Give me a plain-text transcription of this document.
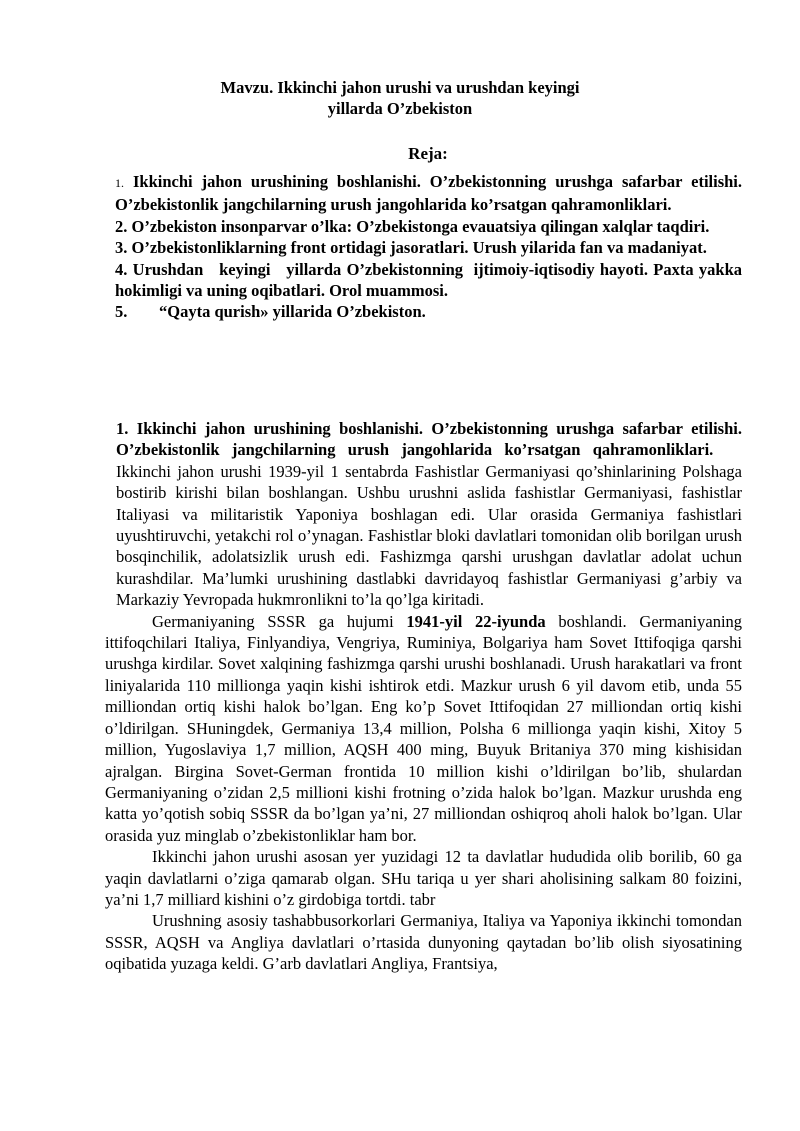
Mavzu. Ikkinchi jahon urushi va urushdan keyingi
yillarda O’zbekiston
Reja:

1. Ikkinchi jahon urushining boshlanishi. O’zbekistonning urushga safarbar etilishi. O’zbekistonlik jangchilarning urush jangohlarida ko’rsatgan qahramonliklari.

2. O’zbekiston insonparvar o’lka: O’zbekistonga evauatsiya qilingan xalqlar taqdiri.

3. O’zbekistonliklarning front ortidagi jasoratlari. Urush yilarida fan va madaniyat.

4. Urushdan   keyingi   yillarda O’zbekistonning  ijtimoiy-iqtisodiy hayoti. Paxta yakka hokimligi va uning oqibatlari. Orol muammosi.

5. “Qayta qurish» yillarida O’zbekiston.

1. Ikkinchi jahon urushining boshlanishi. O’zbekistonning urushga safarbar etilishi. O’zbekistonlik jangchilarning urush jangohlarida ko’rsatgan qahramonliklari.    Ikkinchi jahon urushi 1939-yil 1 sentabrda Fashistlar Germaniyasi qo’shinlarining Polshaga bostirib kirishi bilan boshlangan. Ushbu urushni aslida fashistlar Germaniyasi, fashistlar Italiyasi va militaristik Yaponiya boshlagan edi. Ular orasida Germaniya fashistlari uyushtiruvchi, yetakchi rol o’ynagan. Fashistlar bloki davlatlari tomonidan olib borilgan urush bosqinchilik, adolatsizlik urush edi. Fashizmga qarshi urushgan davlatlar adolat uchun kurashdilar. Ma’lumki urushining dastlabki davridayoq fashistlar Germaniyasi g’arbiy va Markaziy Yevropada hukmronlikni to’la qo’lga kiritadi.

Germaniyaning SSSR ga hujumi 1941-yil 22-iyunda boshlandi. Germaniyaning ittifoqchilari Italiya, Finlyandiya, Vengriya, Ruminiya, Bolgariya ham Sovet Ittifoqiga qarshi urushga kirdilar. Sovet xalqining fashizmga qarshi urushi boshlanadi. Urush harakatlari va front liniyalarida 110 millionga yaqin kishi ishtirok etdi. Mazkur urush 6 yil davom etib, unda 55 milliondan ortiq kishi halok bo’lgan. Eng ko’p Sovet Ittifoqidan 27 milliondan ortiq kishi o’ldirilgan. SHuningdek, Germaniya 13,4 million, Polsha 6 millionga yaqin kishi, Xitoy 5 million, Yugoslaviya 1,7 million, AQSH 400 ming, Buyuk Britaniya 370 ming kishisidan ajralgan. Birgina Sovet-German frontida 10 million kishi o’ldirilgan bo’lib, shulardan Germaniyaning o’zidan 2,5 millioni kishi frotning o’zida halok bo’lgan. Mazkur urushda eng katta yo’qotish sobiq SSSR da bo’lgan ya’ni, 27 milliondan oshiqroq aholi halok bo’lgan. Ular orasida yuz minglab o’zbekistonliklar ham bor.

Ikkinchi jahon urushi asosan yer yuzidagi 12 ta davlatlar hududida olib borilib, 60 ga yaqin davlatlarni o’ziga qamarab olgan. SHu tariqa u yer shari aholisining salkam 80 foizini, ya’ni 1,7 milliard kishini o’z girdobiga tortdi. tabr

Urushning asosiy tashabbusorkorlari Germaniya, Italiya va Yaponiya ikkinchi tomondan SSSR, AQSH va Angliya davlatlari o’rtasida dunyoning qaytadan bo’lib olish siyosatining oqibatida yuzaga keldi. G’arb davlatlari Angliya, Frantsiya,
